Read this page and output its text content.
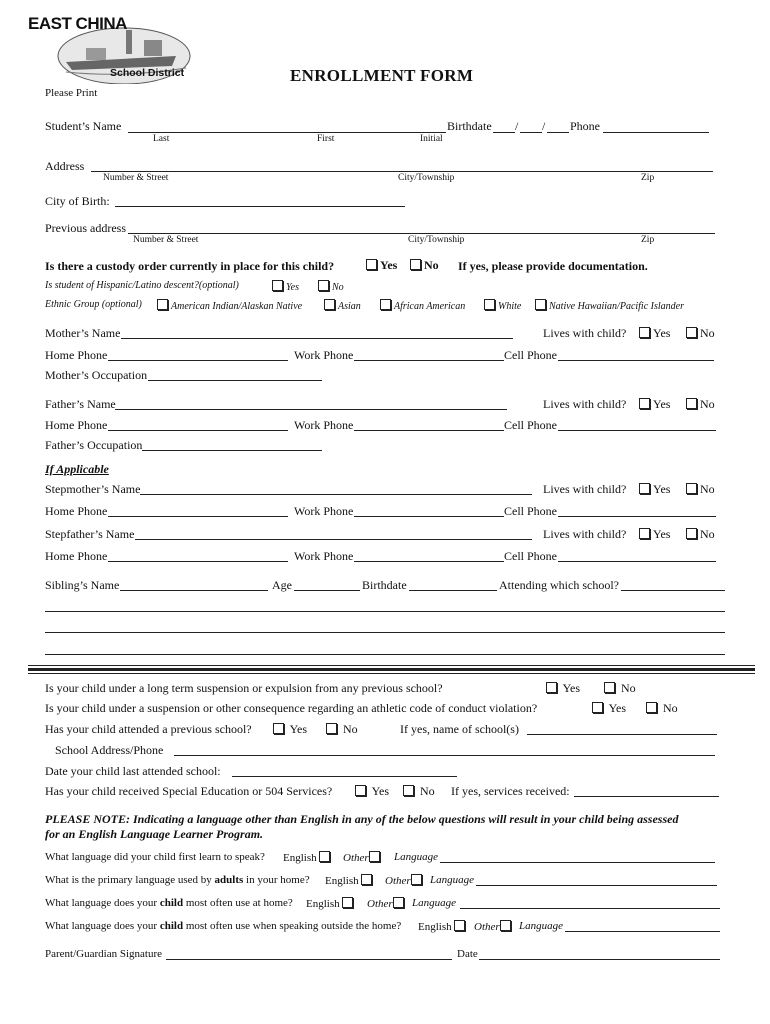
EAST CHINA
School District	ENROLLMENT FORM
Please Print
Student’s Name	Birthdate / / Phone
Last	First	Initial
Address
Number & Street	City/Township	Zip
City of Birth:
Previous address
Number & Street	City/Township	Zip
Is there a custody order currently in place for this child?	Yes	No If yes, please provide documentation.
Is student of Hispanic/Latino descent?(optional)	Yes	No
Ethnic Group (optional)	American Indian/Alaskan Native	Asian	African American	White	Native Hawaiian/Pacific Islander
Mother’s Name	Lives with child?	Yes	No
Home Phone	Work Phone	Cell Phone
Mother’s Occupation
Father’s Name	Lives with child?	Yes	No
Home Phone	Work Phone	Cell Phone
Father’s Occupation
If Applicable
Stepmother’s Name	Lives with child?	Yes	No
Home Phone	Work Phone	Cell Phone
Stepfather’s Name	Lives with child?	Yes	No
Home Phone	Work Phone	Cell Phone
Sibling’s Name	Age	Birthdate	Attending which school?
Is your child under a long term suspension or expulsion from any previous school?	Yes	No
Is your child under a suspension or other consequence regarding an athletic code of conduct violation?	Yes	No
Has your child attended a previous school?	Yes	No	If yes, name of school(s)
School Address/Phone
Date your child last attended school:
Has your child received Special Education or 504 Services?	Yes	No If yes, services received:
PLEASE NOTE: Indicating a language other than English in any of the below questions will result in your child being assessed
for an English Language Learner Program.
What language did your child first learn to speak? English	Other	Language
What is the primary language used by adults in your home? English	Other	Language
What language does your child most often use at home? English	Other	Language
What language does your child most often use when speaking outside the home? English	Other	Language
Parent/Guardian Signature	Date
